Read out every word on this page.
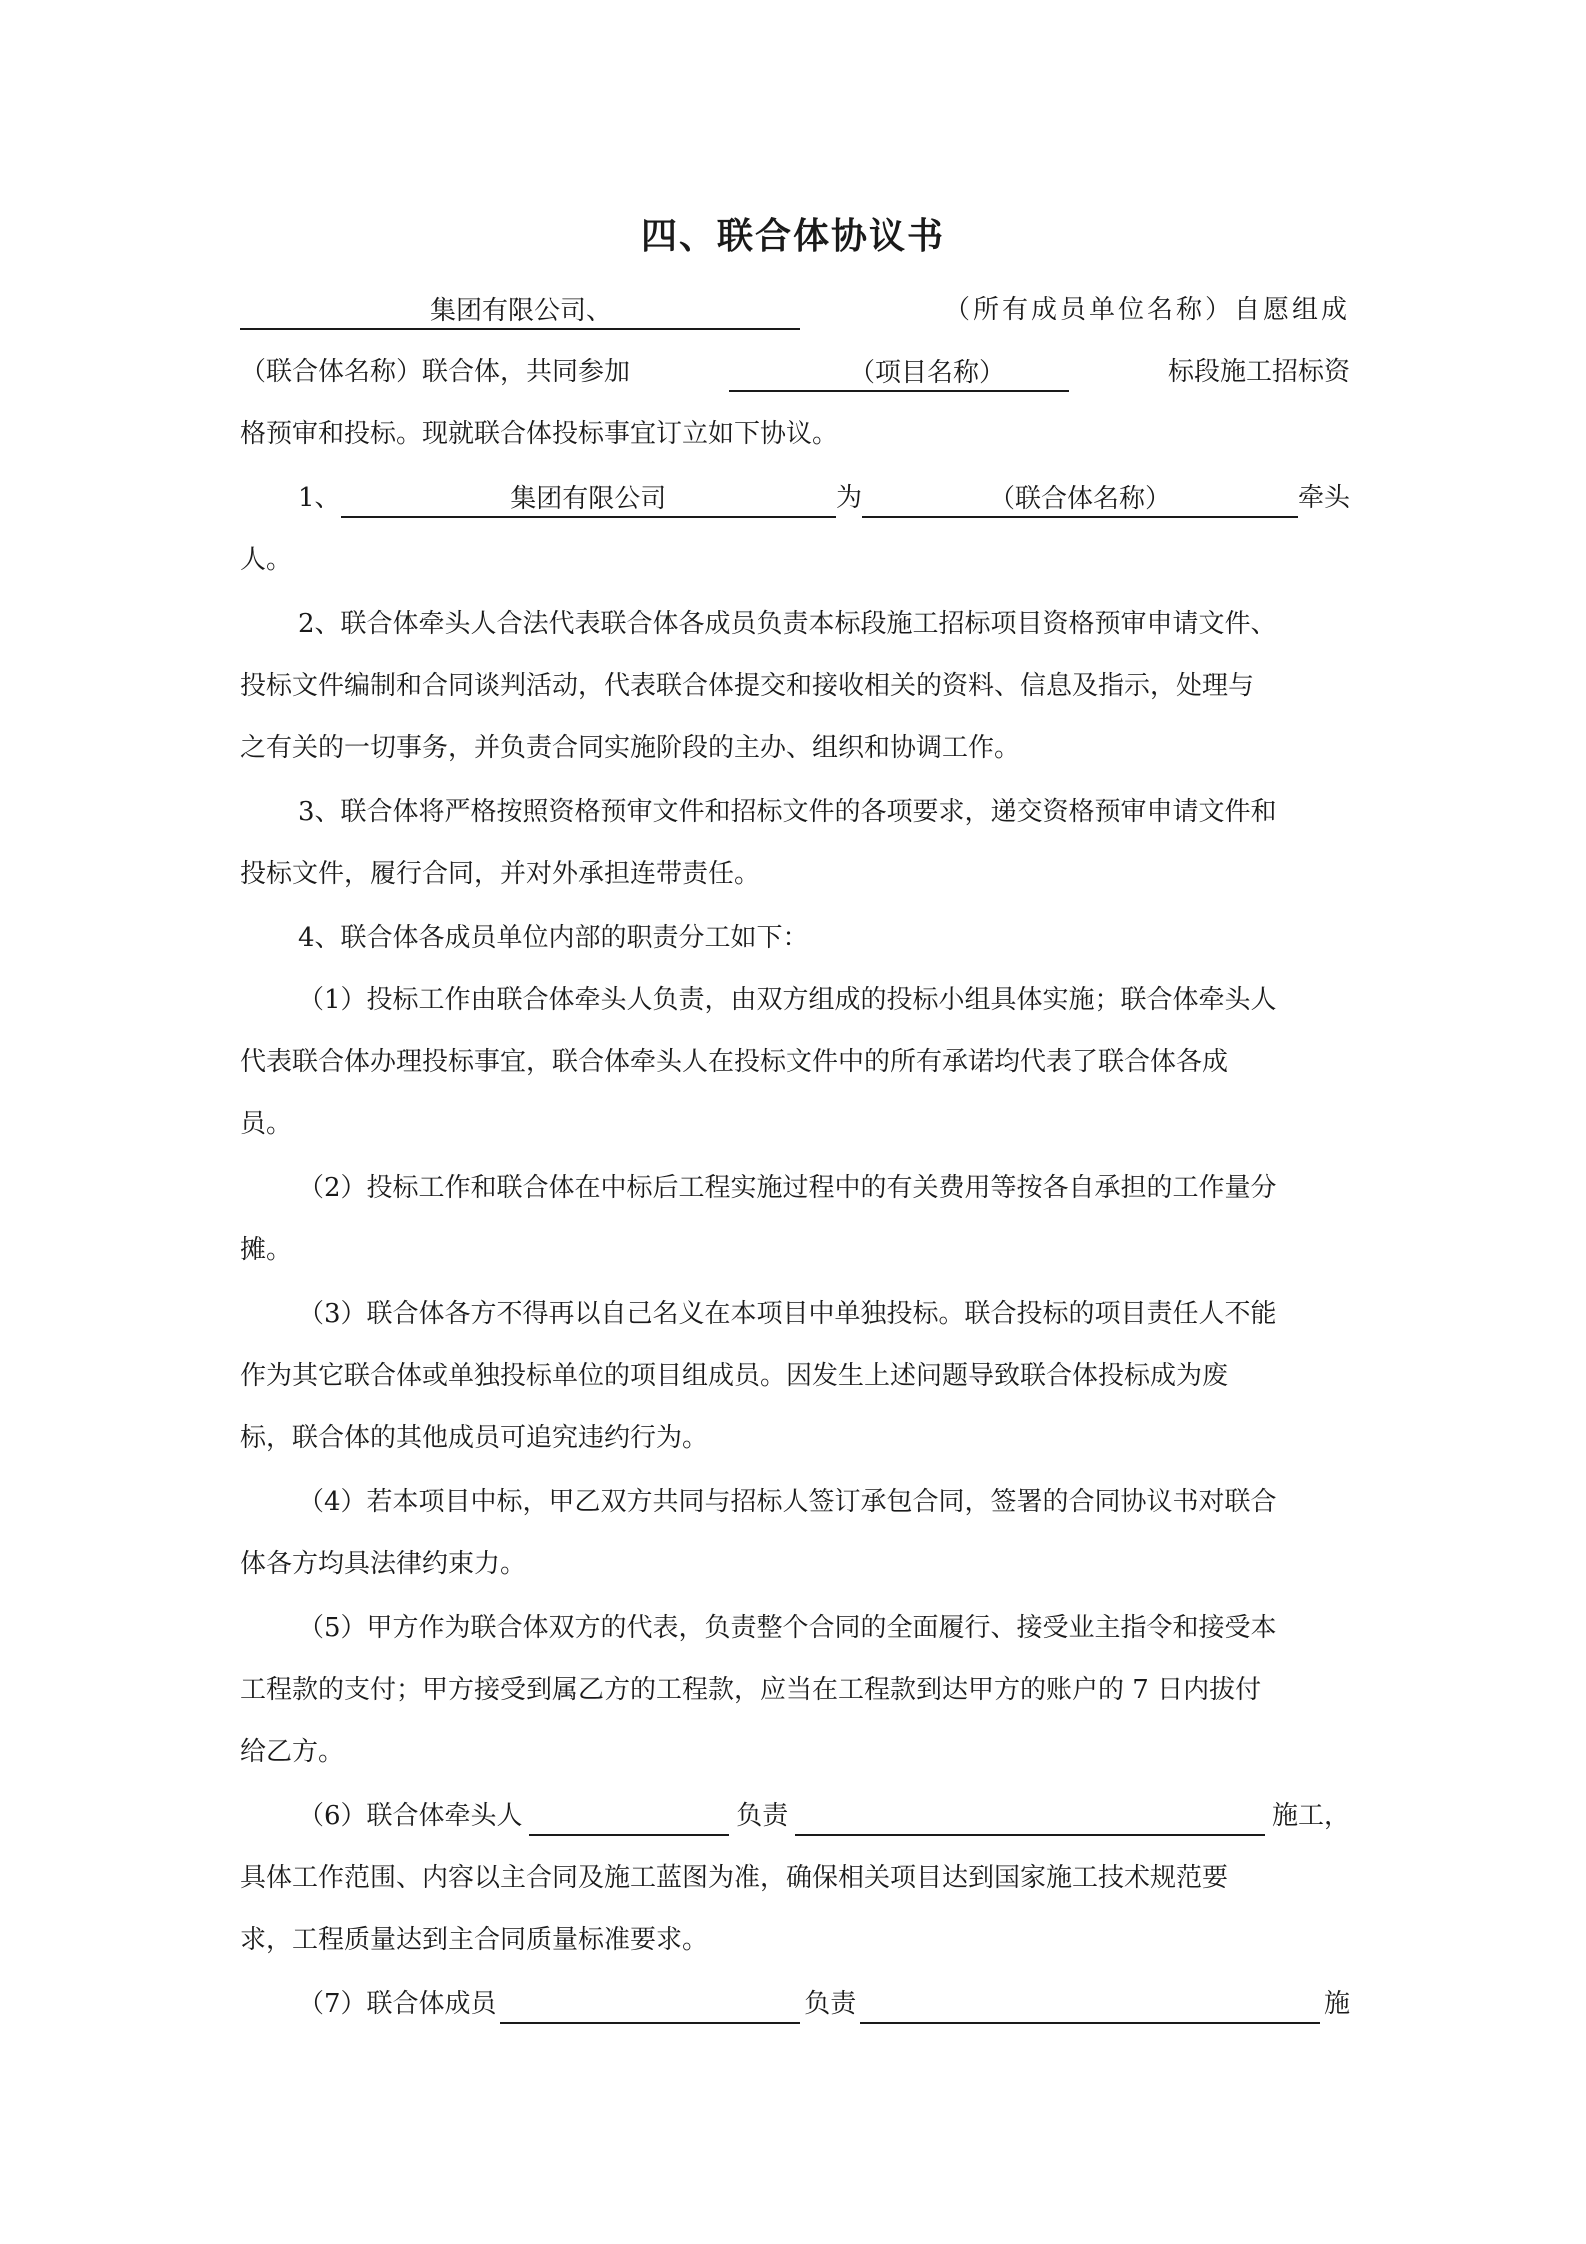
四、联合体协议书
集团有限公司、	（所有成员单位名称）自愿组成
（联合体名称）联合体，共同参加	（项目名称）	标段施工招标资
格预审和投标。现就联合体投标事宜订立如下协议。
1、	集团有限公司	为	（联合体名称）	牵头
人。
2、联合体牵头人合法代表联合体各成员负责本标段施工招标项目资格预审申请文件、
投标文件编制和合同谈判活动，代表联合体提交和接收相关的资料、信息及指示，处理与
之有关的一切事务，并负责合同实施阶段的主办、组织和协调工作。
3、联合体将严格按照资格预审文件和招标文件的各项要求，递交资格预审申请文件和
投标文件，履行合同，并对外承担连带责任。
4、联合体各成员单位内部的职责分工如下：
（1）投标工作由联合体牵头人负责，由双方组成的投标小组具体实施；联合体牵头人
代表联合体办理投标事宜，联合体牵头人在投标文件中的所有承诺均代表了联合体各成
员。
（2）投标工作和联合体在中标后工程实施过程中的有关费用等按各自承担的工作量分
摊。
（3）联合体各方不得再以自己名义在本项目中单独投标。联合投标的项目责任人不能
作为其它联合体或单独投标单位的项目组成员。因发生上述问题导致联合体投标成为废
标，联合体的其他成员可追究违约行为。
（4）若本项目中标，甲乙双方共同与招标人签订承包合同，签署的合同协议书对联合
体各方均具法律约束力。
（5）甲方作为联合体双方的代表，负责整个合同的全面履行、接受业主指令和接受本
工程款的支付；甲方接受到属乙方的工程款，应当在工程款到达甲方的账户的 7 日内拔付
给乙方。
（6）联合体牵头人	负责	施工，
具体工作范围、内容以主合同及施工蓝图为准，确保相关项目达到国家施工技术规范要
求，工程质量达到主合同质量标准要求。
（7）联合体成员	负责	施
